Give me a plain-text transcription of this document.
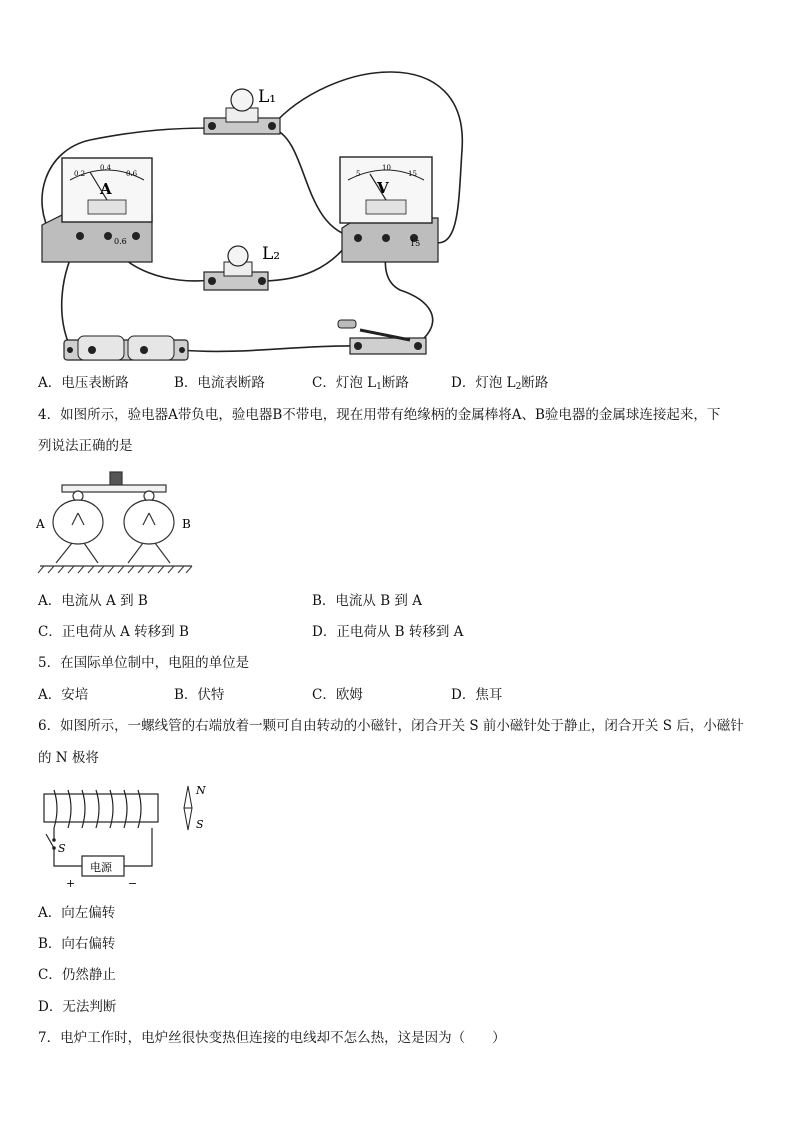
L₁
L₂
0.2
0.4
0.6
A
0.6
5
10
15
V
15
A．电压表断路	B．电流表断路	C．灯泡 $L_1$断路	D．灯泡 $L_2$断路
4．如图所示，验电器A带负电，验电器B不带电，现在用带有绝缘柄的金属棒将A、B验电器的金属球连接起来，下
列说法正确的是
A	B
A．电流从 A 到 B	B．电流从 B 到 A
C．正电荷从 A 转移到 B	D．正电荷从 B 转移到 A
5．在国际单位制中，电阻的单位是
A．安培	B．伏特	C．欧姆	D．焦耳
6．如图所示，一螺线管的右端放着一颗可自由转动的小磁针，闭合开关 S 前小磁针处于静止，闭合开关 S 后，小磁针
的 N 极将
S
电源
+	−
N
S
A．向左偏转
B．向右偏转
C．仍然静止
D．无法判断
7．电炉工作时，电炉丝很快变热但连接的电线却不怎么热，这是因为（　　）
